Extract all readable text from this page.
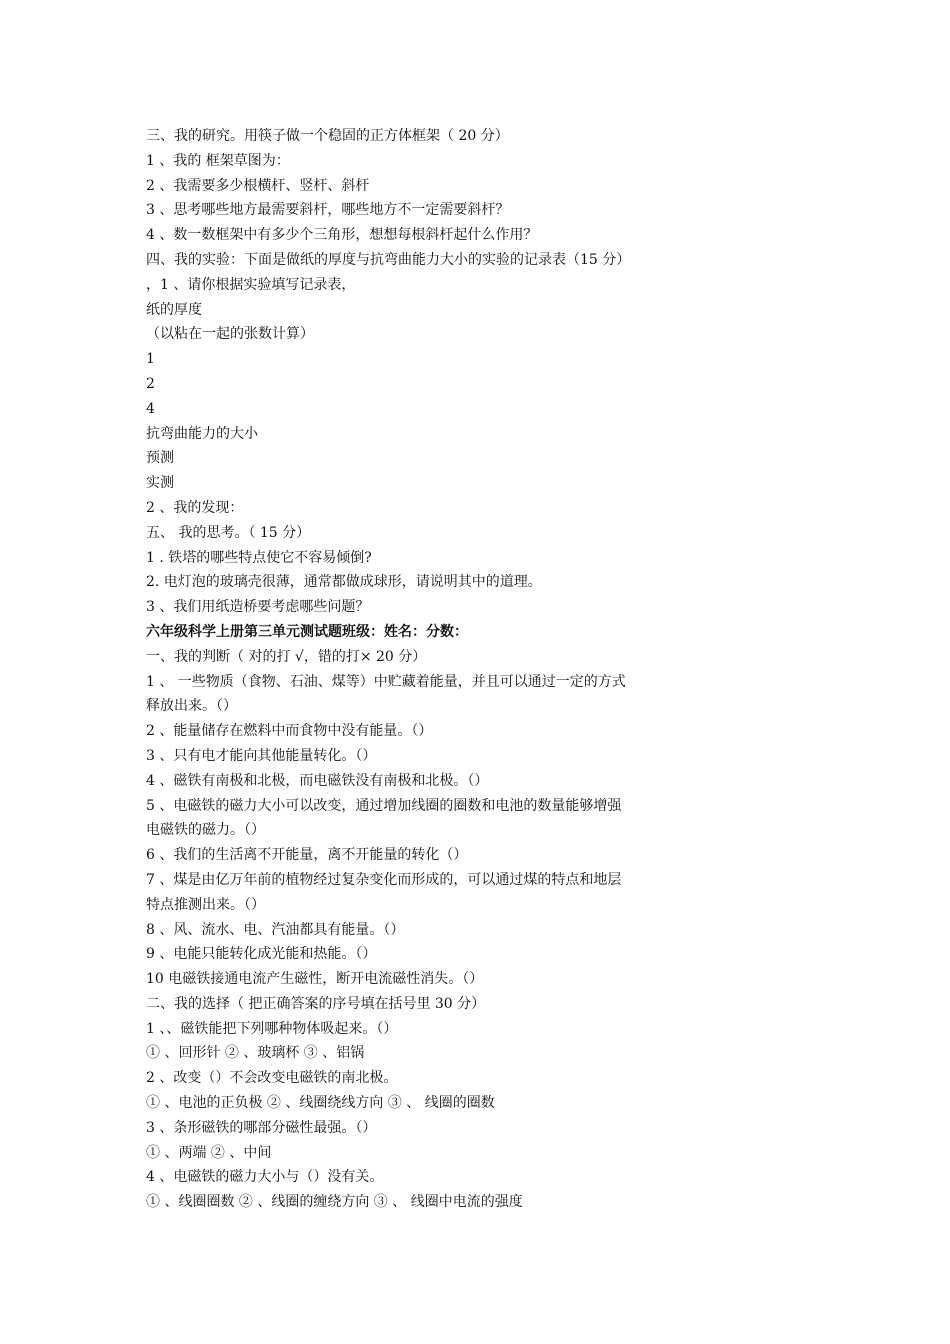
三、我的研究。用筷子做一个稳固的正方体框架（ 20 分）
1 、我的 框架草图为：
2 、我需要多少根横杆、竖杆、斜杆
3 、思考哪些地方最需要斜杆，哪些地方不一定需要斜杆？
4 、数一数框架中有多少个三角形，想想每根斜杆起什么作用？
四、我的实验：下面是做纸的厚度与抗弯曲能力大小的实验的记录表（15 分）
，1 、请你根据实验填写记录表，
纸的厚度
（以粘在一起的张数计算）
1
2
4
抗弯曲能力的大小
预测
实测
2 、我的发现：
五、 我的思考。（ 15 分）
1 . 铁塔的哪些特点使它不容易倾倒?
2. 电灯泡的玻璃壳很薄，通常都做成球形，请说明其中的道理。
3 、我们用纸造桥要考虑哪些问题？
六年级科学上册第三单元测试题班级：姓名：分数：
一、我的判断（ 对的打 √，错的打× 20 分）
1 、 一些物质（食物、石油、煤等）中贮藏着能量，并且可以通过一定的方式
释放出来。（）
2 、能量储存在燃料中而食物中没有能量。（）
3 、只有电才能向其他能量转化。（）
4 、磁铁有南极和北极，而电磁铁没有南极和北极。（）
5 、电磁铁的磁力大小可以改变，通过增加线圈的圈数和电池的数量能够增强
电磁铁的磁力。（）
6 、我们的生活离不开能量，离不开能量的转化（）
7 、煤是由亿万年前的植物经过复杂变化而形成的，可以通过煤的特点和地层
特点推测出来。（）
8 、风、流水、电、汽油都具有能量。（）
9 、电能只能转化成光能和热能。（）
10 电磁铁接通电流产生磁性，断开电流磁性消失。（）
二、我的选择（ 把正确答案的序号填在括号里 30 分）
1 、、磁铁能把下列哪种物体吸起来。（）
① 、回形针 ② 、玻璃杯 ③ 、铝锅
2 、改变（）不会改变电磁铁的南北极。
① 、电池的正负极 ② 、线圈绕线方向 ③ 、 线圈的圈数
3 、条形磁铁的哪部分磁性最强。（）
① 、两端 ② 、中间
4 、电磁铁的磁力大小与（）没有关。
① 、线圈圈数 ② 、线圈的缠绕方向 ③ 、 线圈中电流的强度
